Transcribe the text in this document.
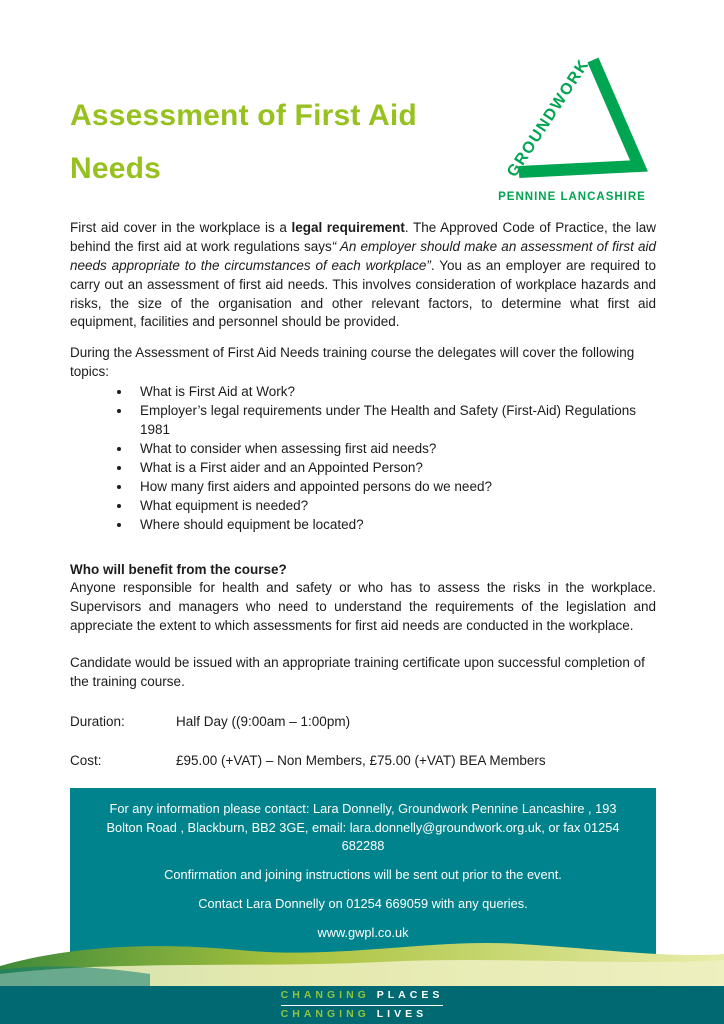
Assessment of First Aid
Needs	GROUNDWORK
PENNINE LANCASHIRE

First aid cover in the workplace is a legal requirement. The Approved Code of Practice, the law behind the first aid at work regulations says“ An employer should make an assessment of first aid needs appropriate to the circumstances of each workplace”. You as an employer are required to carry out an assessment of first aid needs. This involves consideration of workplace hazards and risks, the size of the organisation and other relevant factors, to determine what first aid equipment, facilities and personnel should be provided.

During the Assessment of First Aid Needs training course the delegates will cover the following topics:

• What is First Aid at Work?
• Employer’s legal requirements under The Health and Safety (First-Aid) Regulations 1981
• What to consider when assessing first aid needs?
• What is a First aider and an Appointed Person?
• How many first aiders and appointed persons do we need?
• What equipment is needed?
• Where should equipment be located?
Who will benefit from the course?

Anyone responsible for health and safety or who has to assess the risks in the workplace. Supervisors and managers who need to understand the requirements of the legislation and appreciate the extent to which assessments for first aid needs are conducted in the workplace.

Candidate would be issued with an appropriate training certificate upon successful completion of the training course.

Duration:	Half Day ((9:00am – 1:00pm)
Cost:	£95.00 (+VAT) – Non Members, £75.00 (+VAT) BEA Members

For any information please contact: Lara Donnelly, Groundwork Pennine Lancashire , 193 Bolton Road , Blackburn, BB2 3GE, email: lara.donnelly@groundwork.org.uk, or fax 01254 682288

Confirmation and joining instructions will be sent out prior to the event.

Contact Lara Donnelly on 01254 669059 with any queries.

www.gwpl.co.uk

CHANGING PLACES
CHANGING LIVES
